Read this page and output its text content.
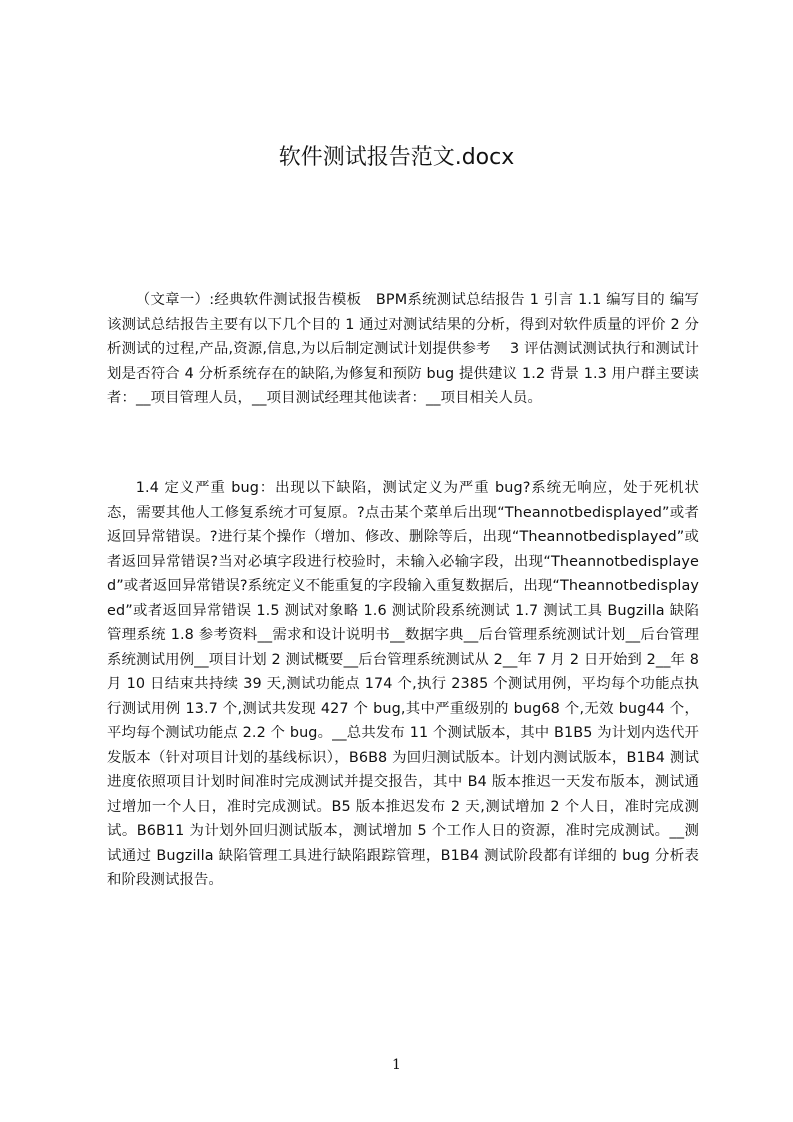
软件测试报告范文.docx
（文章一）:经典软件测试报告模板　BPM系统测试总结报告 1 引言 1.1 编写目的 编写该测试总结报告主要有以下几个目的 1 通过对测试结果的分析，得到对软件质量的评价 2 分析测试的过程,产品,资源,信息,为以后制定测试计划提供参考　 3 评估测试测试执行和测试计划是否符合 4 分析系统存在的缺陷,为修复和预防 bug 提供建议 1.2 背景 1.3 用户群主要读者：__项目管理人员，__项目测试经理其他读者：__项目相关人员。
1.4 定义严重 bug：出现以下缺陷，测试定义为严重 bug?系统无响应，处于死机状态，需要其他人工修复系统才可复原。?点击某个菜单后出现“Theannotbedisplayed”或者返回异常错误。?进行某个操作（增加、修改、删除等后，出现“Theannotbedisplayed”或者返回异常错误?当对必填字段进行校验时，未输入必输字段，出现“Theannotbedisplayed”或者返回异常错误?系统定义不能重复的字段输入重复数据后，出现“Theannotbedisplayed”或者返回异常错误 1.5 测试对象略 1.6 测试阶段系统测试 1.7 测试工具 Bugzilla 缺陷管理系统 1.8 参考资料__需求和设计说明书__数据字典__后台管理系统测试计划__后台管理系统测试用例__项目计划 2 测试概要__后台管理系统测试从 2__年 7 月 2 日开始到 2__年 8 月 10 日结束共持续 39 天,测试功能点 174 个,执行 2385 个测试用例，平均每个功能点执行测试用例 13.7 个,测试共发现 427 个 bug,其中严重级别的 bug68 个,无效 bug44 个，平均每个测试功能点 2.2 个 bug。__总共发布 11 个测试版本，其中 B1B5 为计划内迭代开发版本（针对项目计划的基线标识），B6B8 为回归测试版本。计划内测试版本，B1B4 测试进度依照项目计划时间准时完成测试并提交报告，其中 B4 版本推迟一天发布版本，测试通过增加一个人日，准时完成测试。B5 版本推迟发布 2 天,测试增加 2 个人日，准时完成测试。B6B11 为计划外回归测试版本，测试增加 5 个工作人日的资源，准时完成测试。__测试通过 Bugzilla 缺陷管理工具进行缺陷跟踪管理，B1B4 测试阶段都有详细的 bug 分析表和阶段测试报告。
1
